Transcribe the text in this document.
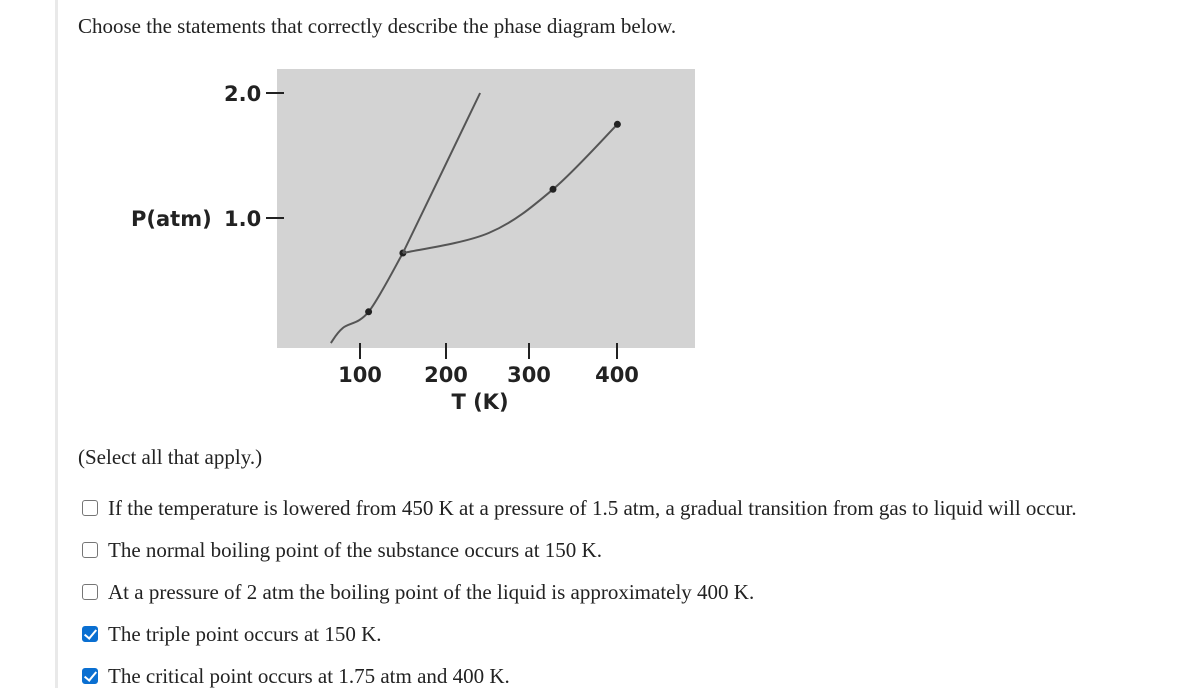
Choose the statements that correctly describe the phase diagram below.
P(atm)
2.0
1.0
100 200 300 400
T (K)
(Select all that apply.)
If the temperature is lowered from 450 K at a pressure of 1.5 atm, a gradual transition from gas to liquid will occur.
The normal boiling point of the substance occurs at 150 K.
At a pressure of 2 atm the boiling point of the liquid is approximately 400 K.
The triple point occurs at 150 K.
The critical point occurs at 1.75 atm and 400 K.
